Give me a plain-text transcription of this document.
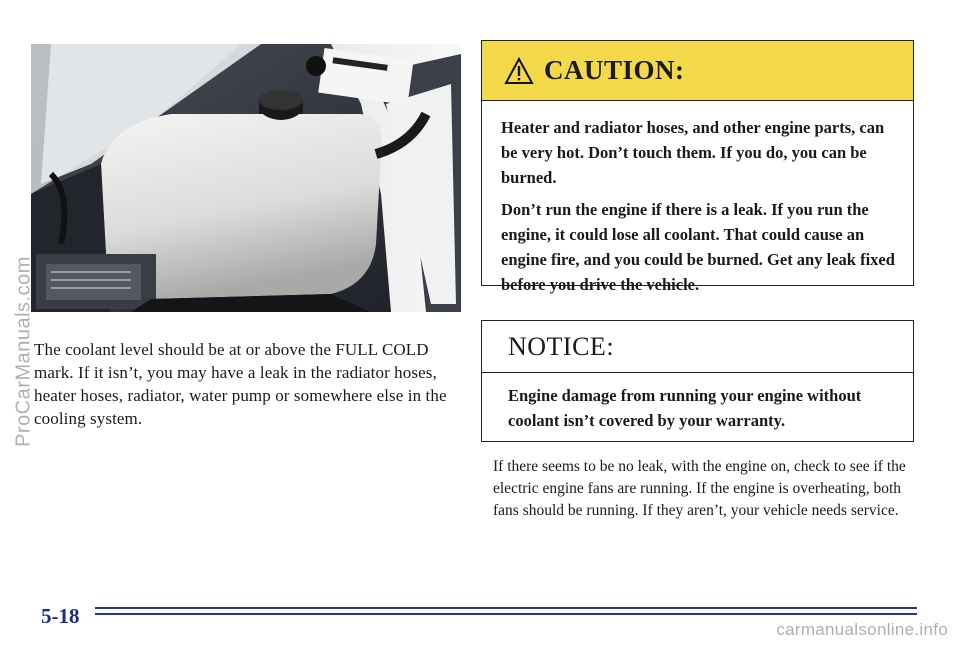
The coolant level should be at or above the FULL COLD mark. If it isn’t, you may have a leak in the radiator hoses, heater hoses, radiator, water pump or somewhere else in the cooling system.

CAUTION:

Heater and radiator hoses, and other engine parts, can be very hot. Don’t touch them. If you do, you can be burned.

Don’t run the engine if there is a leak. If you run the engine, it could lose all coolant. That could cause an engine fire, and you could be burned. Get any leak fixed before you drive the vehicle.

NOTICE:

Engine damage from running your engine without coolant isn’t covered by your warranty.

If there seems to be no leak, with the engine on, check to see if the electric engine fans are running. If the engine is overheating, both fans should be running. If they aren’t, your vehicle needs service.

5-18
ProCarManuals.com
carmanualsonline.info
